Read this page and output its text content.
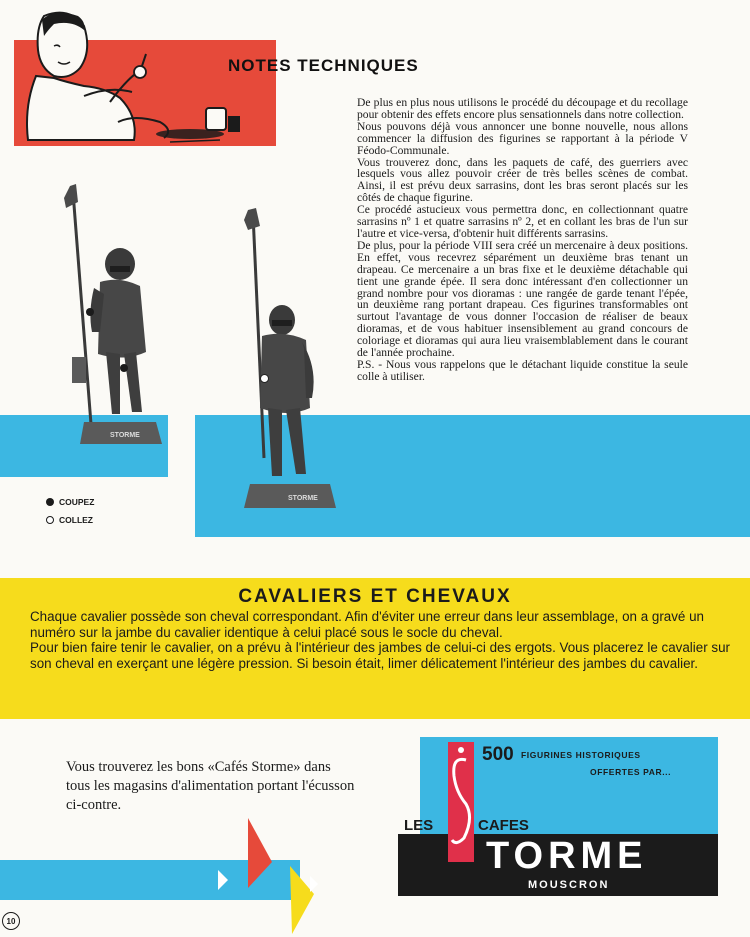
NOTES TECHNIQUES

De plus en plus nous utilisons le procédé du découpage et du recollage pour obtenir des effets encore plus sensationnels dans notre collection.

Nous pouvons déjà vous annoncer une bonne nouvelle, nous allons commencer la diffusion des figurines se rapportant à la période V Féodo-Communale.

Vous trouverez donc, dans les paquets de café, des guerriers avec lesquels vous allez pouvoir créer de très belles scènes de combat. Ainsi, il est prévu deux sarrasins, dont les bras seront placés sur les côtés de chaque figurine.

Ce procédé astucieux vous permettra donc, en collectionnant quatre sarrasins nº 1 et quatre sarrasins nº 2, et en collant les bras de l'un sur l'autre et vice-versa, d'obtenir huit différents sarrasins.

De plus, pour la période VIII sera créé un mercenaire à deux positions. En effet, vous recevrez séparément un deuxième bras tenant un drapeau. Ce mercenaire a un bras fixe et le deuxième détachable qui tient une grande épée. Il sera donc intéressant d'en collectionner un grand nombre pour vos dioramas : une rangée de garde tenant l'épée, un deuxième rang portant drapeau. Ces figurines transformables ont surtout l'avantage de vous donner l'occasion de réaliser de beaux dioramas, et de vous habituer insensiblement au grand concours de coloriage et dioramas qui aura lieu vraisemblablement dans le courant de l'année prochaine.

P.S. - Nous vous rappelons que le détachant liquide constitue la seule colle à utiliser.

STORME
STORME
COUPEZ
COLLEZ
CAVALIERS ET CHEVAUX

Chaque cavalier possède son cheval correspondant. Afin d'éviter une erreur dans leur assemblage, on a gravé un numéro sur la jambe du cavalier identique à celui placé sous le socle du cheval.

Pour bien faire tenir le cavalier, on a prévu à l'intérieur des jambes de celui-ci des ergots. Vous placerez le cavalier sur son cheval en exerçant une légère pression. Si besoin était, limer délicatement l'intérieur des jambes du cavalier.

Vous trouverez les bons «Cafés Storme» dans tous les magasins d'alimentation portant l'écusson ci-contre.
500 FIGURINES HISTORIQUES
OFFERTES PAR...
LES	CAFES
TORME
MOUSCRON
10
